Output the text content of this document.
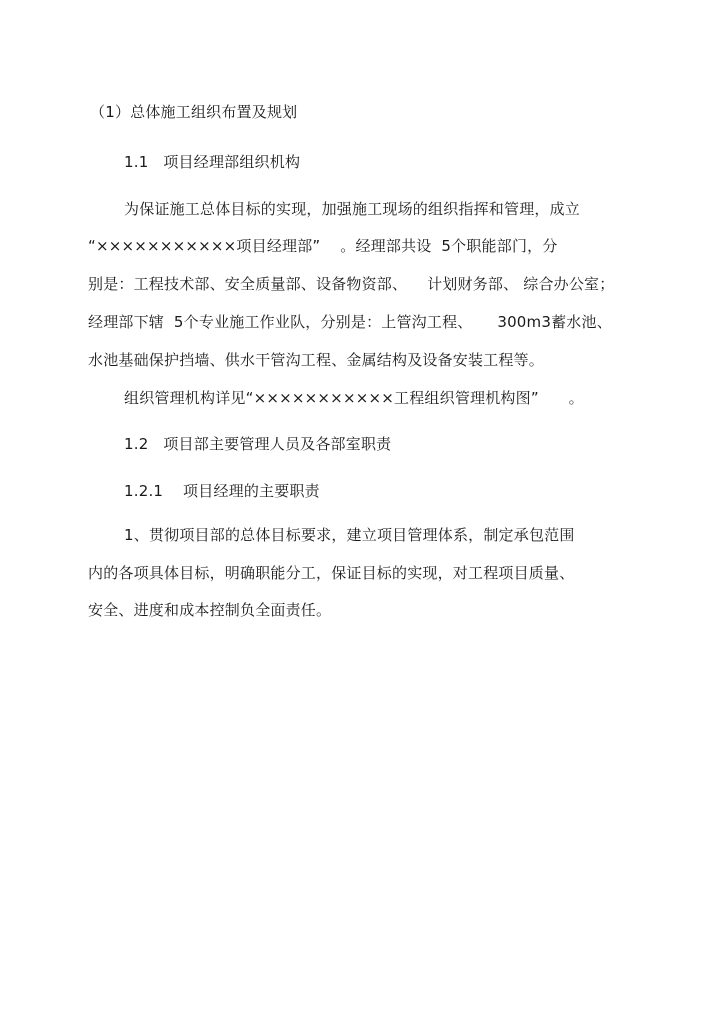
（1）总体施工组织布置及规划
1.1   项目经理部组织机构
为保证施工总体目标的实现，加强施工现场的组织指挥和管理，成立
“×××××××××××项目经理部”    。经理部共设  5个职能部门，分
别是：工程技术部、安全质量部、设备物资部、    计划财务部、 综合办公室；
经理部下辖  5个专业施工作业队，分别是：上管沟工程、     300m3蓄水池、
水池基础保护挡墙、供水干管沟工程、金属结构及设备安装工程等。
组织管理机构详见“×××××××××××工程组织管理机构图”      。
1.2   项目部主要管理人员及各部室职责
1.2.1    项目经理的主要职责
1、贯彻项目部的总体目标要求，建立项目管理体系，制定承包范围
内的各项具体目标，明确职能分工，保证目标的实现，对工程项目质量、
安全、进度和成本控制负全面责任。
